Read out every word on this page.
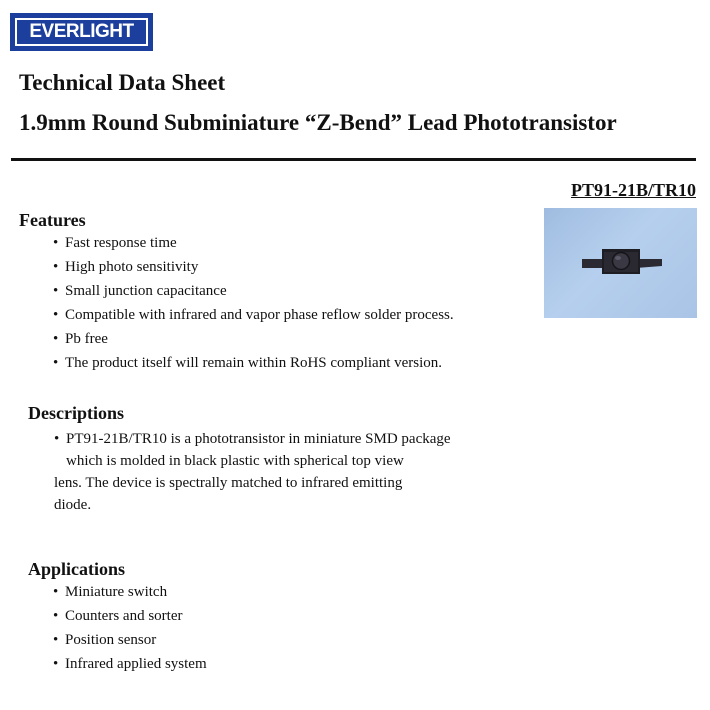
EVERLIGHT
Technical Data Sheet
1.9mm Round Subminiature “Z-Bend” Lead Phototransistor
PT91-21B/TR10
Features
• Fast response time
• High photo sensitivity
• Small junction capacitance
• Compatible with infrared and vapor phase reflow solder process.
• Pb free
• The product itself will remain within RoHS compliant version.
Descriptions
• PT91-21B/TR10 is a phototransistor in miniature SMD package
which is molded in black plastic with spherical top view
lens. The device is spectrally matched to infrared emitting
diode.
Applications
• Miniature switch
• Counters and sorter
• Position sensor
• Infrared applied system
